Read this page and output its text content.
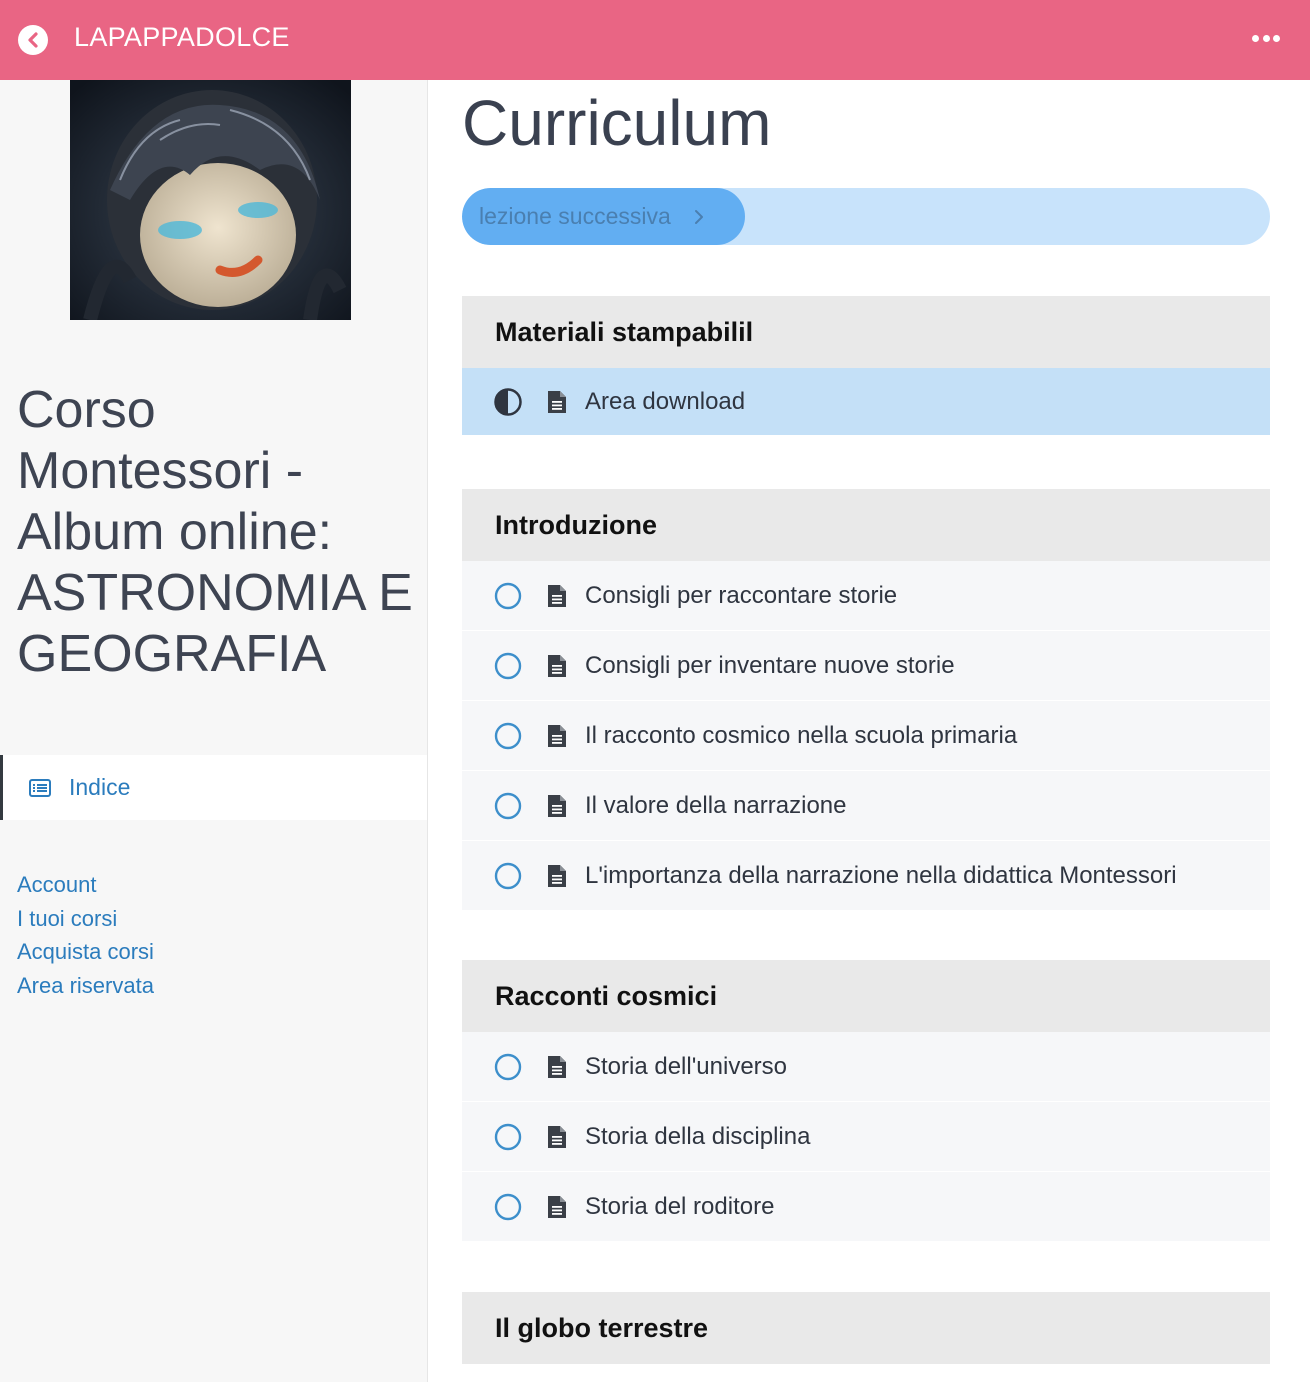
LAPAPPADOLCE
Corso Montessori - Album online: ASTRONOMIA E GEOGRAFIA
Indice
Account
I tuoi corsi
Acquista corsi
Area riservata
Curriculum
lezione successiva
Materiali stampabilil
Area download
Introduzione
Consigli per raccontare storie
Consigli per inventare nuove storie
Il racconto cosmico nella scuola primaria
Il valore della narrazione
L'importanza della narrazione nella didattica Montessori
Racconti cosmici
Storia dell'universo
Storia della disciplina
Storia del roditore
Il globo terrestre
